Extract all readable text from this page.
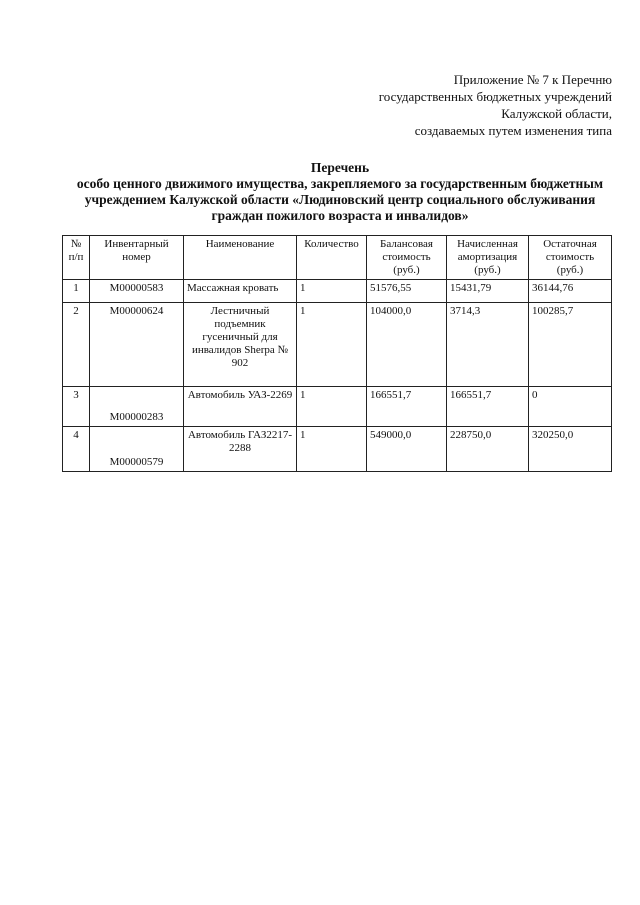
Приложение № 7 к Перечню
государственных бюджетных учреждений
Калужской области,
создаваемых путем изменения типа
Перечень
особо ценного движимого имущества, закрепляемого за государственным бюджетным
учреждением Калужской области «Людиновский центр социального обслуживания
граждан пожилого возраста и инвалидов»
№ п/п	Инвентарный номер	Наименование	Количество	Балансовая стоимость (руб.)	Начисленная амортизация (руб.)	Остаточная стоимость (руб.)
1	М00000583	Массажная кровать	1	51576,55	15431,79	36144,76
2	М00000624	Лестничный подъемник гусеничный для инвалидов Sherpa № 902	1	104000,0	3714,3	100285,7
3	М00000283	Автомобиль УАЗ-2269	1	166551,7	166551,7	0
4	М00000579	Автомобиль ГАЗ2217-2288	1	549000,0	228750,0	320250,0
